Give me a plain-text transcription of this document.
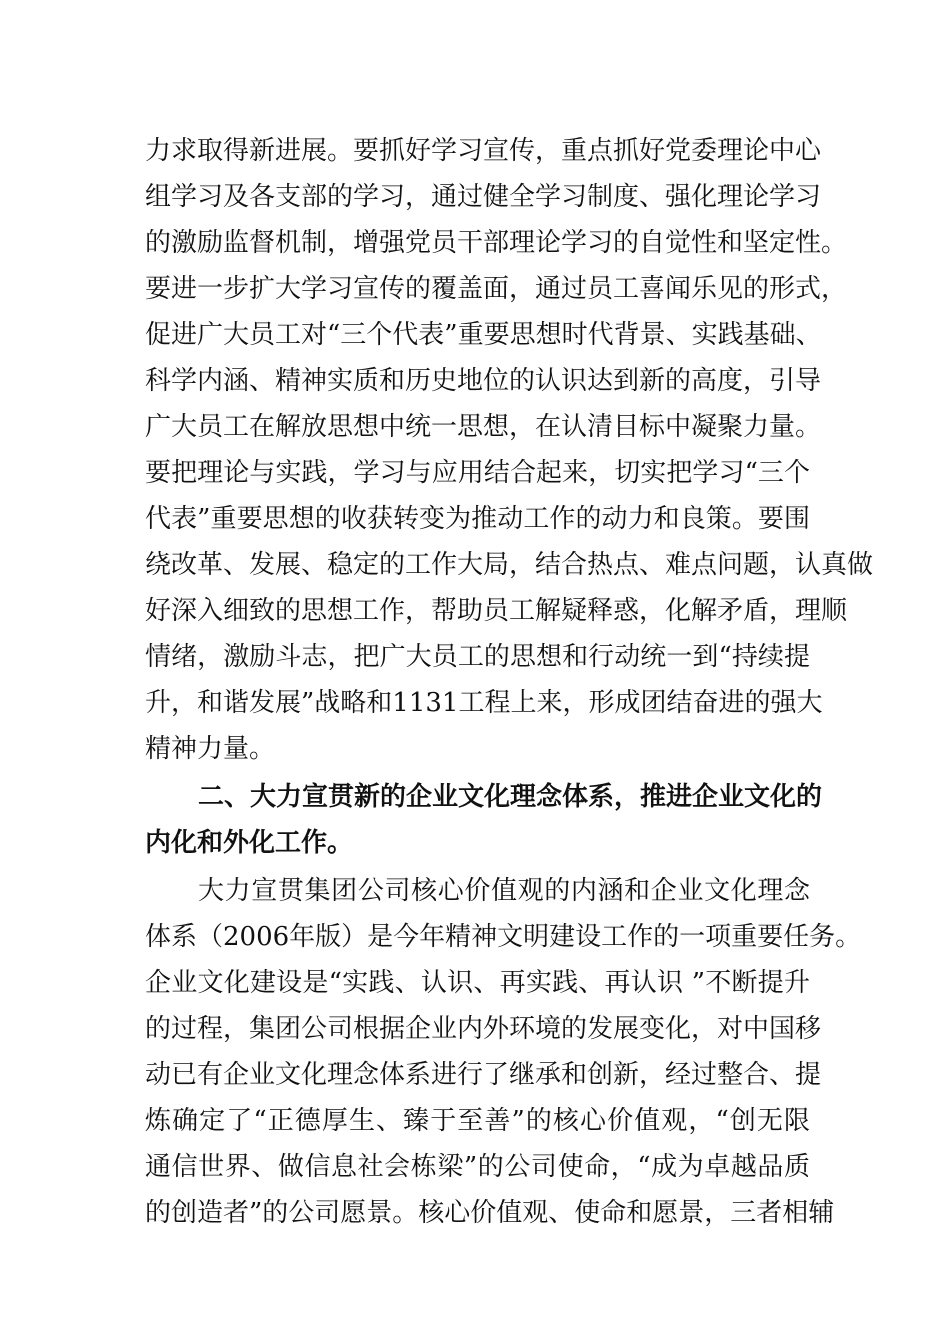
力求取得新进展。要抓好学习宣传，重点抓好党委理论中心
组学习及各支部的学习，通过健全学习制度、强化理论学习
的激励监督机制，增强党员干部理论学习的自觉性和坚定性。
要进一步扩大学习宣传的覆盖面，通过员工喜闻乐见的形式，
促进广大员工对“三个代表”重要思想时代背景、实践基础、
科学内涵、精神实质和历史地位的认识达到新的高度，引导
广大员工在解放思想中统一思想，在认清目标中凝聚力量。
要把理论与实践，学习与应用结合起来，切实把学习“三个
代表”重要思想的收获转变为推动工作的动力和良策。要围
绕改革、发展、稳定的工作大局，结合热点、难点问题，认真做
好深入细致的思想工作，帮助员工解疑释惑，化解矛盾，理顺
情绪，激励斗志，把广大员工的思想和行动统一到“持续提
升，和谐发展”战略和1131工程上来，形成团结奋进的强大
精神力量。
二、大力宣贯新的企业文化理念体系，推进企业文化的
内化和外化工作。
大力宣贯集团公司核心价值观的内涵和企业文化理念
体系（2006年版）是今年精神文明建设工作的一项重要任务。
企业文化建设是“实践、认识、再实践、再认识 ”不断提升
的过程，集团公司根据企业内外环境的发展变化，对中国移
动已有企业文化理念体系进行了继承和创新，经过整合、提
炼确定了“正德厚生、臻于至善”的核心价值观，“创无限
通信世界、做信息社会栋梁”的公司使命，“成为卓越品质
的创造者”的公司愿景。核心价值观、使命和愿景，三者相辅
